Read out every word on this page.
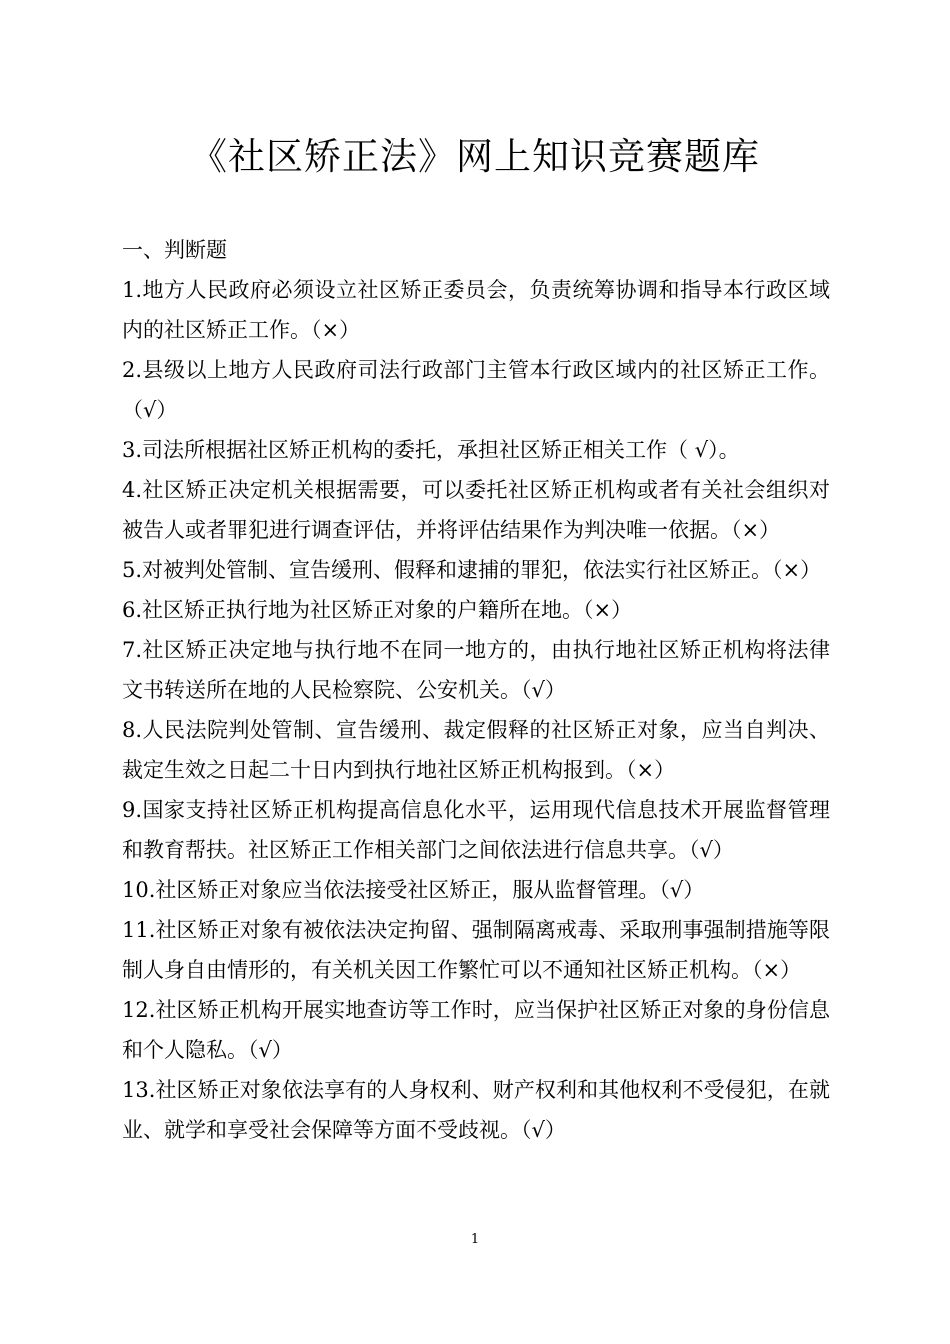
《社区矫正法》网上知识竞赛题库

一、判断题

1.地方人民政府必须设立社区矫正委员会，负责统筹协调和指导本行政区域内的社区矫正工作。（×）
2.县级以上地方人民政府司法行政部门主管本行政区域内的社区矫正工作。（√）
3.司法所根据社区矫正机构的委托，承担社区矫正相关工作（ √）。
4.社区矫正决定机关根据需要，可以委托社区矫正机构或者有关社会组织对被告人或者罪犯进行调查评估，并将评估结果作为判决唯一依据。（×）
5.对被判处管制、宣告缓刑、假释和逮捕的罪犯，依法实行社区矫正。（×）
6.社区矫正执行地为社区矫正对象的户籍所在地。（×）
7.社区矫正决定地与执行地不在同一地方的，由执行地社区矫正机构将法律文书转送所在地的人民检察院、公安机关。（√）
8.人民法院判处管制、宣告缓刑、裁定假释的社区矫正对象，应当自判决、裁定生效之日起二十日内到执行地社区矫正机构报到。（×）
9.国家支持社区矫正机构提高信息化水平，运用现代信息技术开展监督管理和教育帮扶。社区矫正工作相关部门之间依法进行信息共享。（√）
10.社区矫正对象应当依法接受社区矫正，服从监督管理。（√）
11.社区矫正对象有被依法决定拘留、强制隔离戒毒、采取刑事强制措施等限制人身自由情形的，有关机关因工作繁忙可以不通知社区矫正机构。（×）
12.社区矫正机构开展实地查访等工作时，应当保护社区矫正对象的身份信息和个人隐私。（√）
13.社区矫正对象依法享有的人身权利、财产权利和其他权利不受侵犯，在就业、就学和享受社会保障等方面不受歧视。（√）
1
